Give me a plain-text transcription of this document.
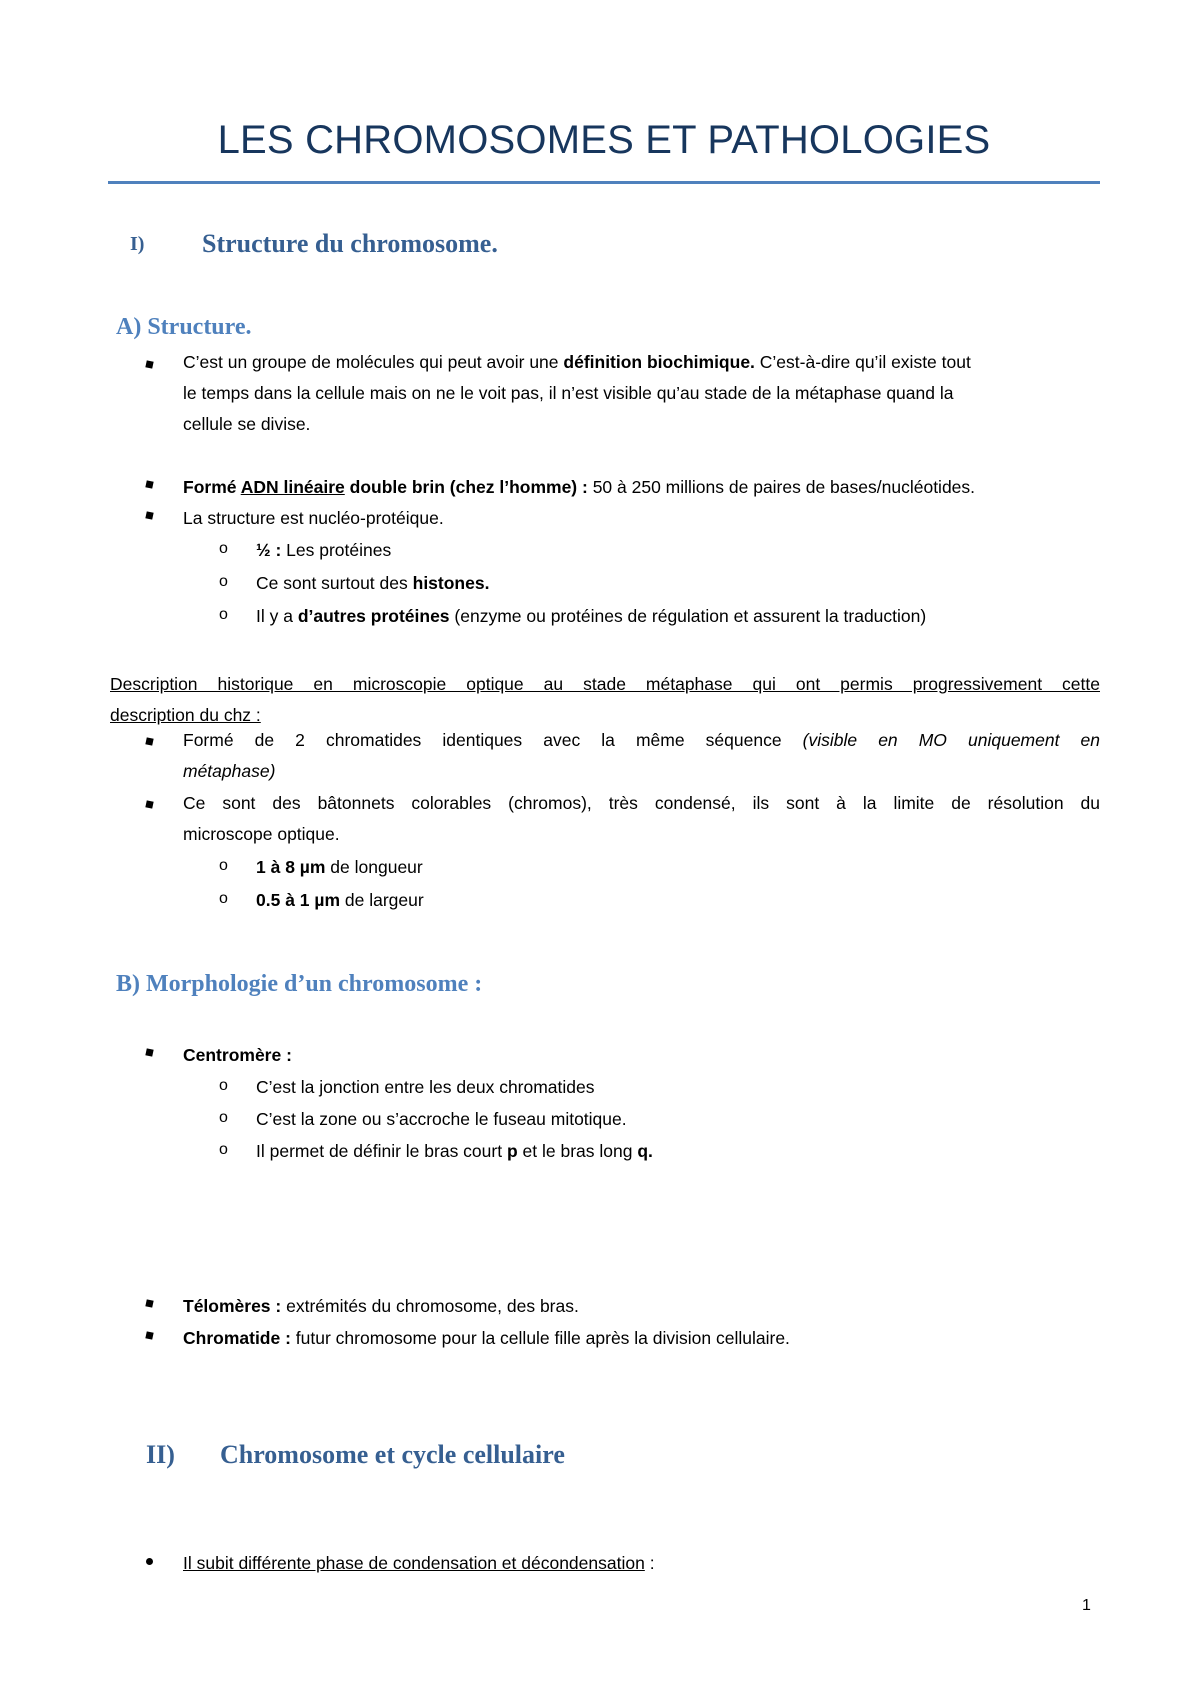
LES CHROMOSOMES ET PATHOLOGIES
I) Structure du chromosome.
A) Structure.
C’est un groupe de molécules qui peut avoir une définition biochimique. C’est-à-dire qu’il existe tout
le temps dans la cellule mais on ne le voit pas, il n’est visible qu’au stade de la métaphase quand la
cellule se divise.
Formé ADN linéaire double brin (chez l’homme) : 50 à 250 millions de paires de bases/nucléotides.
La structure est nucléo-protéique.
o ½ : Les protéines
o Ce sont surtout des histones.
o Il y a d’autres protéines (enzyme ou protéines de régulation et assurent la traduction)
Description historique en microscopie optique au stade métaphase qui ont permis progressivement cette
description du chz :
Formé de 2 chromatides identiques avec la même séquence (visible en MO uniquement en
métaphase)
Ce sont des bâtonnets colorables (chromos), très condensé, ils sont à la limite de résolution du
microscope optique.
o 1 à 8 µm de longueur
o 0.5 à 1 µm de largeur
B) Morphologie d’un chromosome :
Centromère :
o C’est la jonction entre les deux chromatides
o C’est la zone ou s’accroche le fuseau mitotique.
o Il permet de définir le bras court p et le bras long q.
Télomères : extrémités du chromosome, des bras.
Chromatide : futur chromosome pour la cellule fille après la division cellulaire.
II) Chromosome et cycle cellulaire
Il subit différente phase de condensation et décondensation :
1
